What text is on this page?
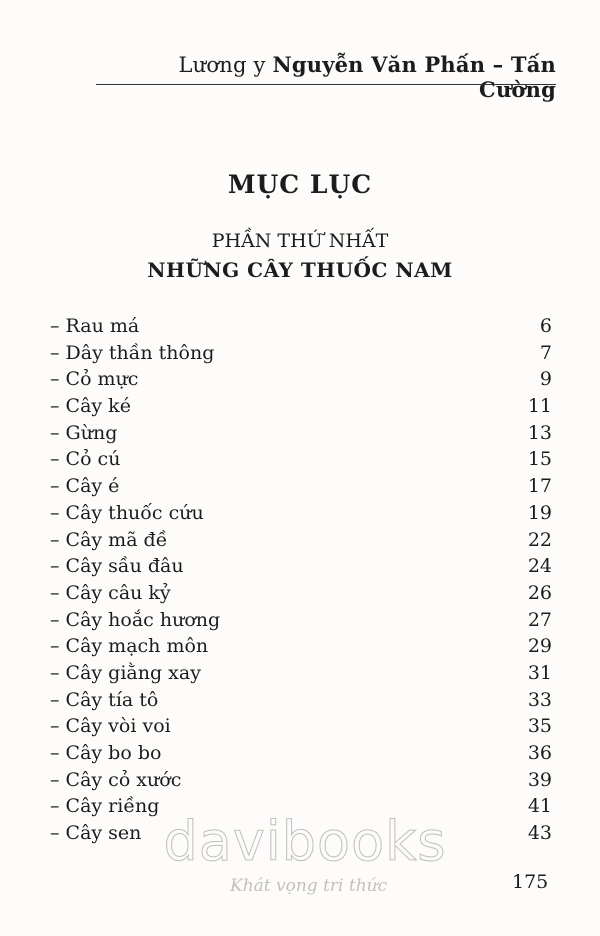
Lương y Nguyễn Văn Phấn – Tấn Cường
MỤC LỤC
PHẦN THỨ NHẤT
NHỮNG CÂY THUỐC NAM
– Rau má	6
– Dây thần thông	7
– Cỏ mực	9
– Cây ké	11
– Gừng	13
– Cỏ cú	15
– Cây é	17
– Cây thuốc cứu	19
– Cây mã đề	22
– Cây sầu đâu	24
– Cây câu kỷ	26
– Cây hoắc hương	27
– Cây mạch môn	29
– Cây giằng xay	31
– Cây tía tô	33
– Cây vòi voi	35
– Cây bo bo	36
– Cây cỏ xước	39
– Cây riềng	41
– Cây sen	43
davibooks
Khát vọng tri thức	175
